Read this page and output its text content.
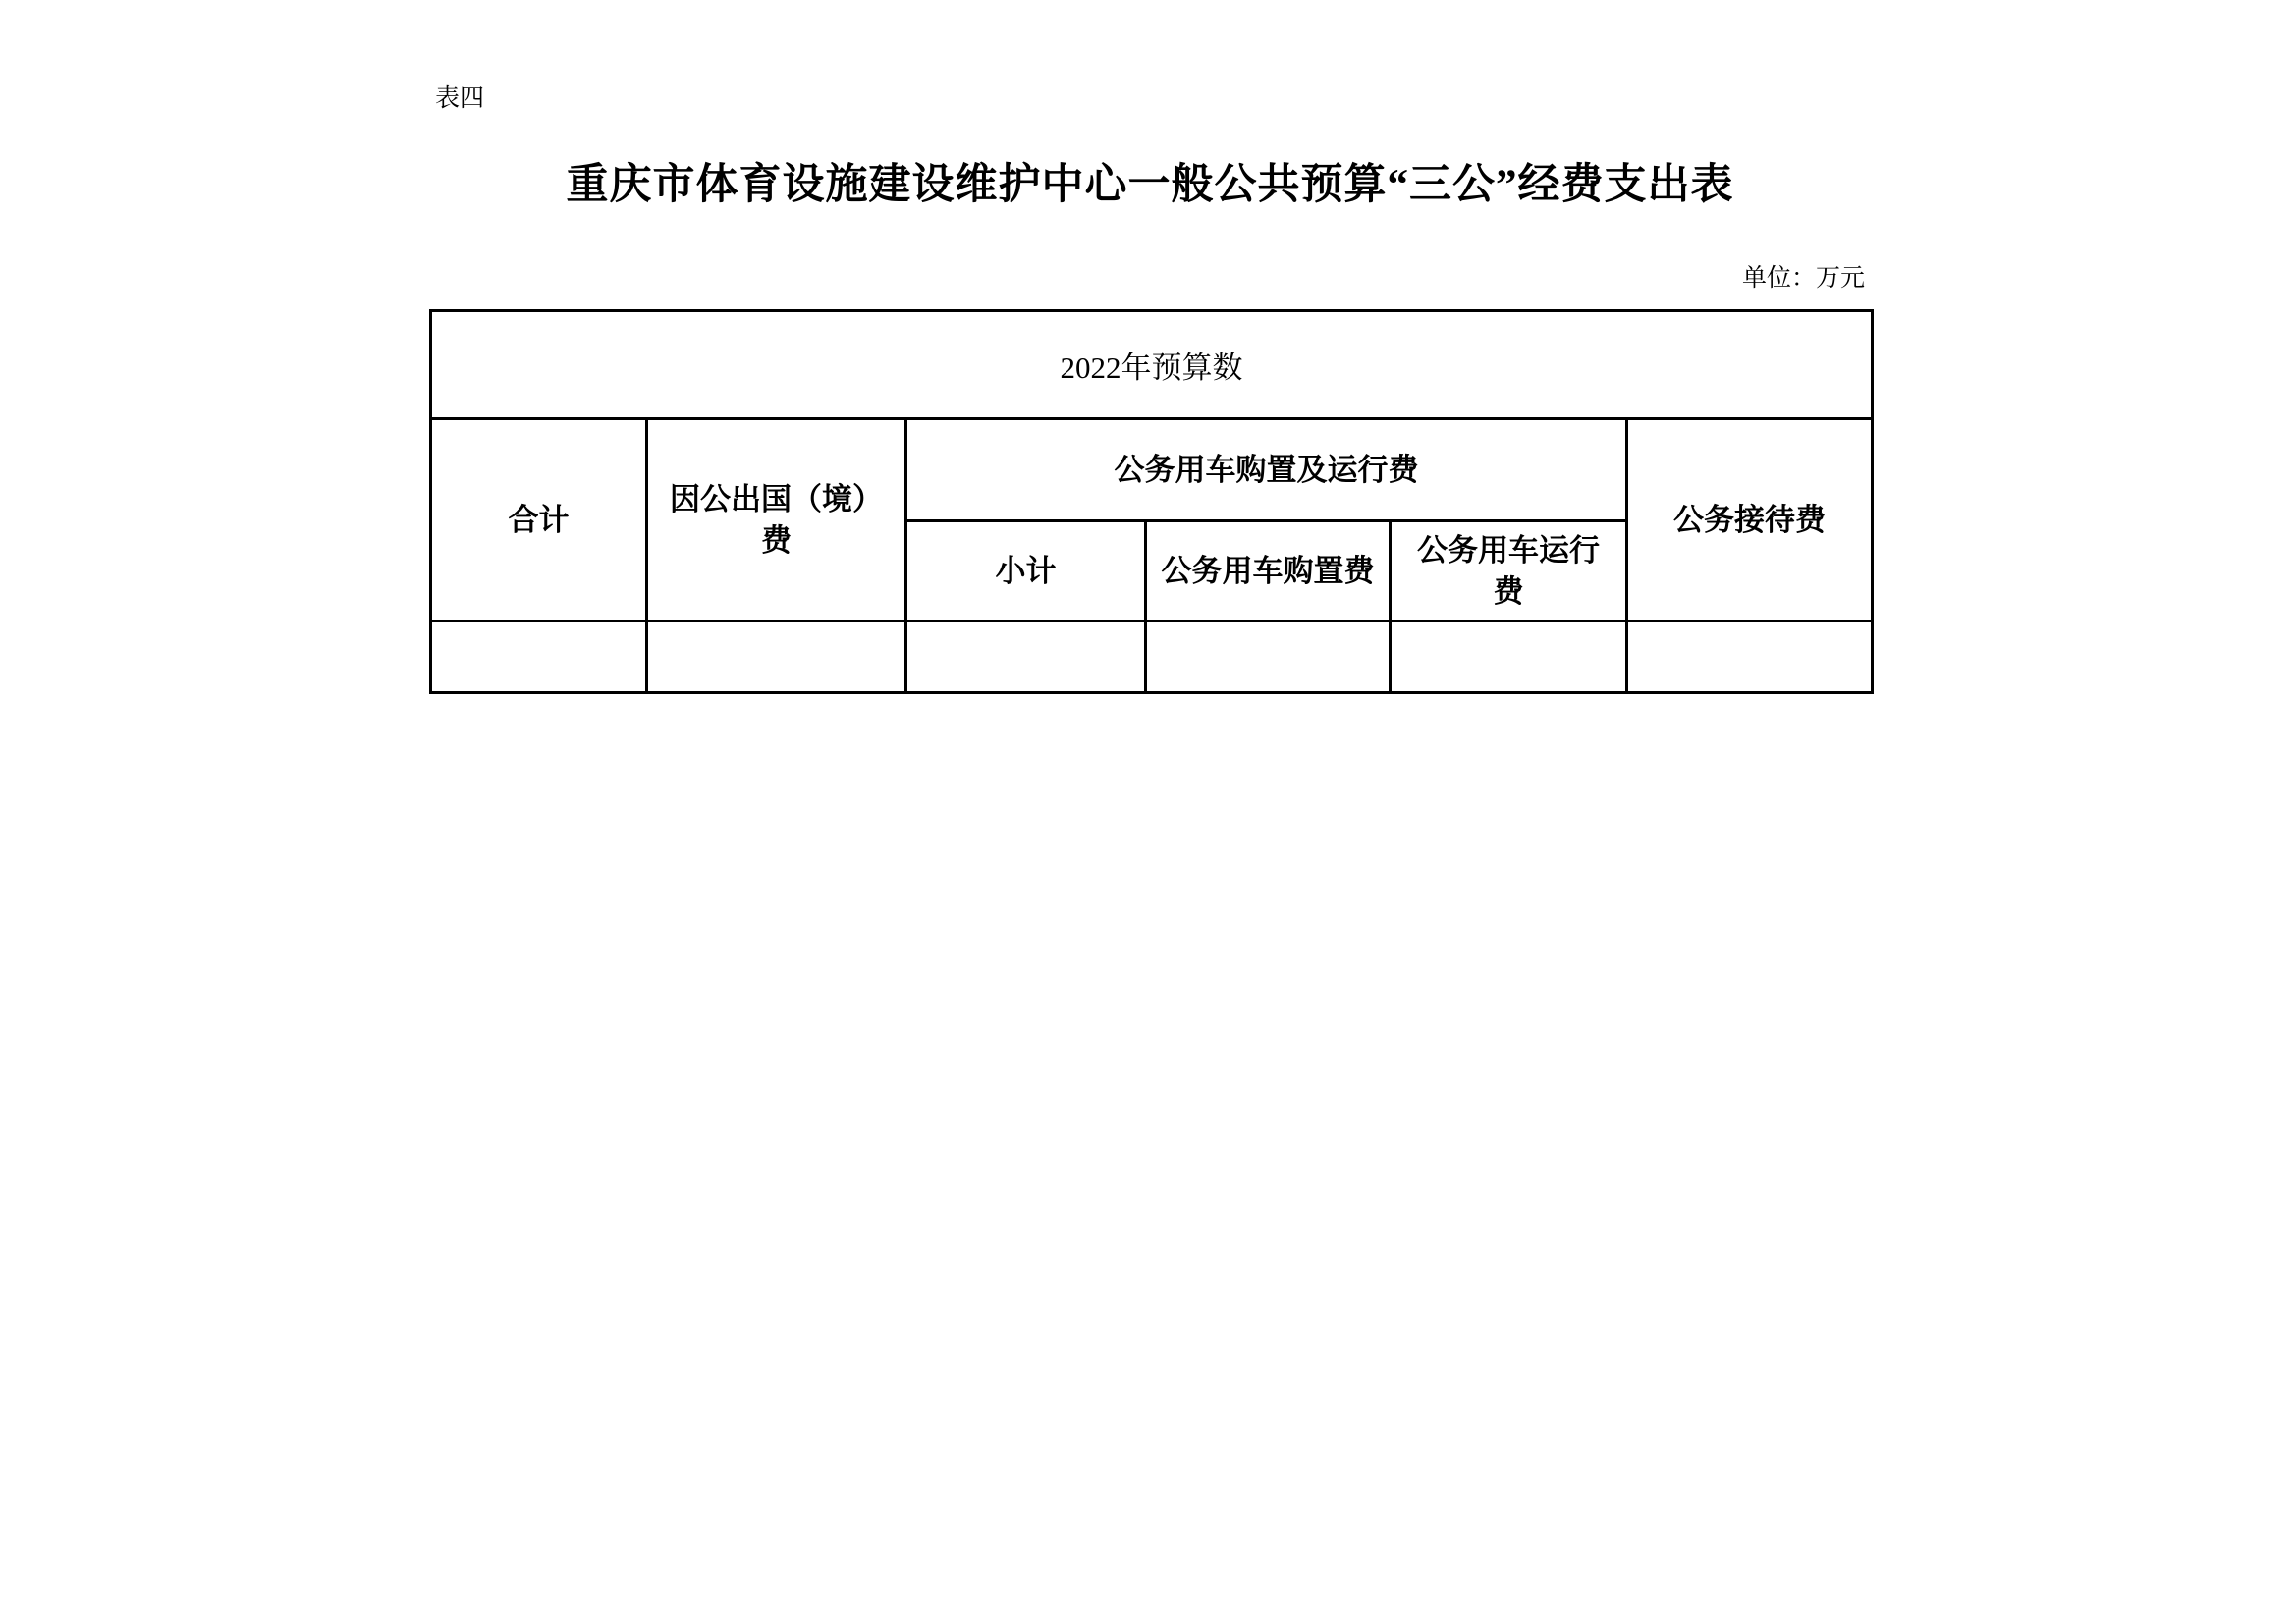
表四
重庆市体育设施建设维护中心一般公共预算“三公”经费支出表
单位：万元
2022年预算数					
合计	因公出国（境）费	公务用车购置及运行费			公务接待费
		小计	公务用车购置费	公务用车运行费	
